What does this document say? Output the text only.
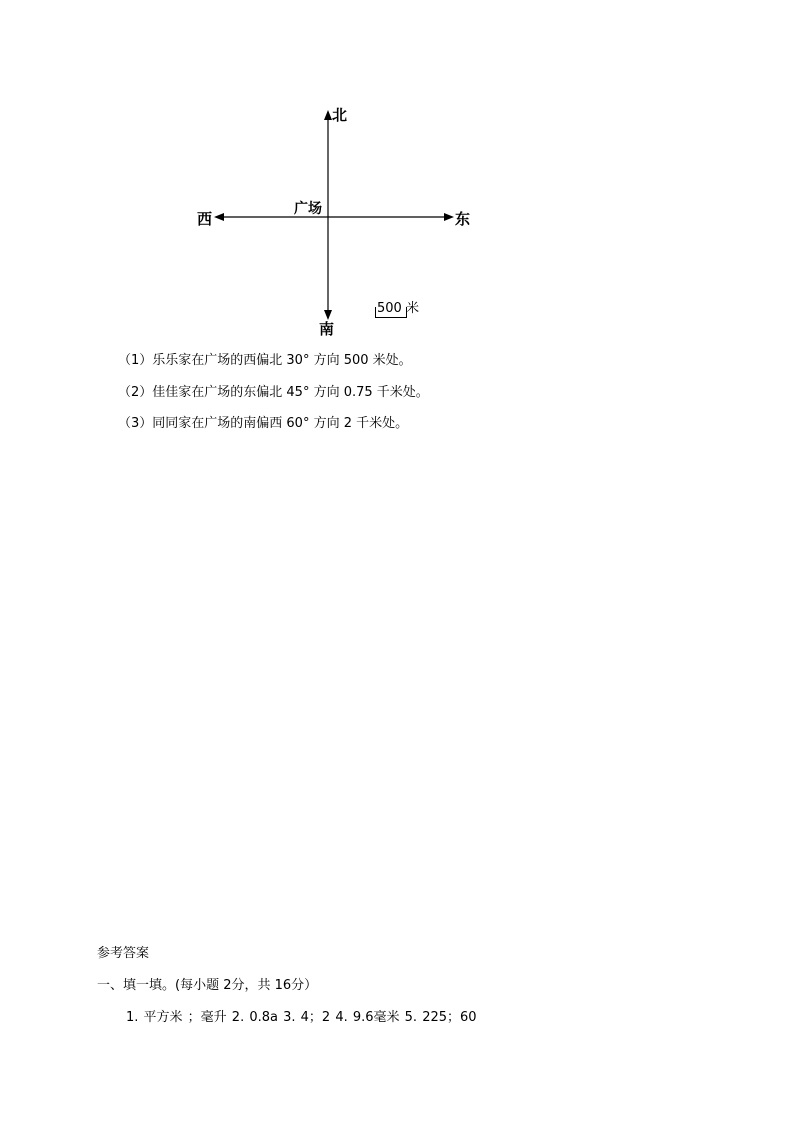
北
南
东
西
广场
500 米
（1）乐乐家在广场的西偏北 30° 方向 500 米处。
（2）佳佳家在广场的东偏北 45° 方向 0.75 千米处。
（3）同同家在广场的南偏西 60° 方向 2 千米处。
参考答案
一、填一填。(每小题 2分，共 16分）
1. 平方米 ；毫升 2. 0.8a 3. 4；2 4. 9.6毫米 5. 225；60
